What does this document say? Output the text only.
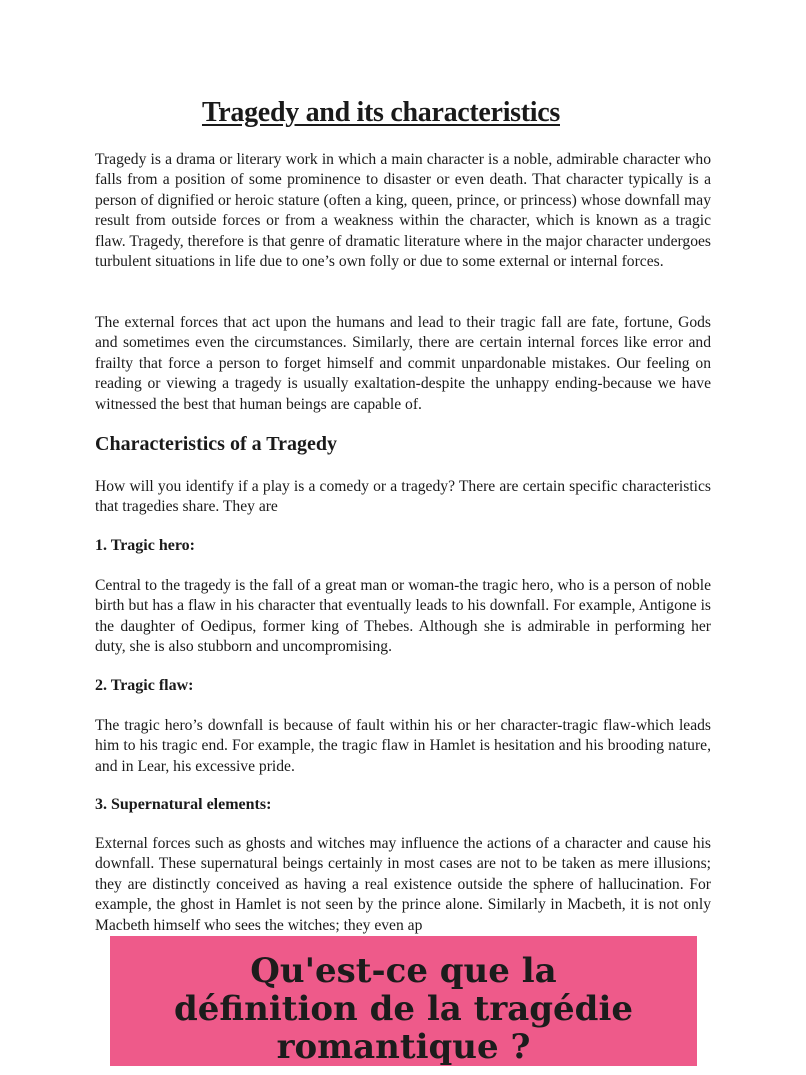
Tragedy and its characteristics

Tragedy is a drama or literary work in which a main character is a noble, admirable character who falls from a position of some prominence to disaster or even death. That character typically is a person of dignified or heroic stature (often a king, queen, prince, or princess) whose downfall may result from outside forces or from a weakness within the character, which is known as a tragic flaw. Tragedy, therefore is that genre of dramatic literature where in the major character undergoes turbulent situations in life due to one’s own folly or due to some external or internal forces.

The external forces that act upon the humans and lead to their tragic fall are fate, fortune, Gods and sometimes even the circumstances. Similarly, there are certain internal forces like error and frailty that force a person to forget himself and commit unpardonable mistakes. Our feeling on reading or viewing a tragedy is usually exaltation-despite the unhappy ending-because we have witnessed the best that human beings are capable of.

Characteristics of a Tragedy

How will you identify if a play is a comedy or a tragedy? There are certain specific characteristics that tragedies share. They are

1. Tragic hero:

Central to the tragedy is the fall of a great man or woman-the tragic hero, who is a person of noble birth but has a flaw in his character that eventually leads to his downfall. For example, Antigone is the daughter of Oedipus, former king of Thebes. Although she is admirable in performing her duty, she is also stubborn and uncompromising.

2. Tragic flaw:

The tragic hero’s downfall is because of fault within his or her character-tragic flaw-which leads him to his tragic end. For example, the tragic flaw in Hamlet is hesitation and his brooding nature, and in Lear, his excessive pride.

3. Supernatural elements:

External forces such as ghosts and witches may influence the actions of a character and cause his downfall. These supernatural beings certainly in most cases are not to be taken as mere illusions; they are distinctly conceived as having a real existence outside the sphere of hallucination. For example, the ghost in Hamlet is not seen by the prince alone. Similarly in Macbeth, it is not only Macbeth himself who sees the witches; they even ap

Qu'est-ce que la définition de la tragédie romantique ?
